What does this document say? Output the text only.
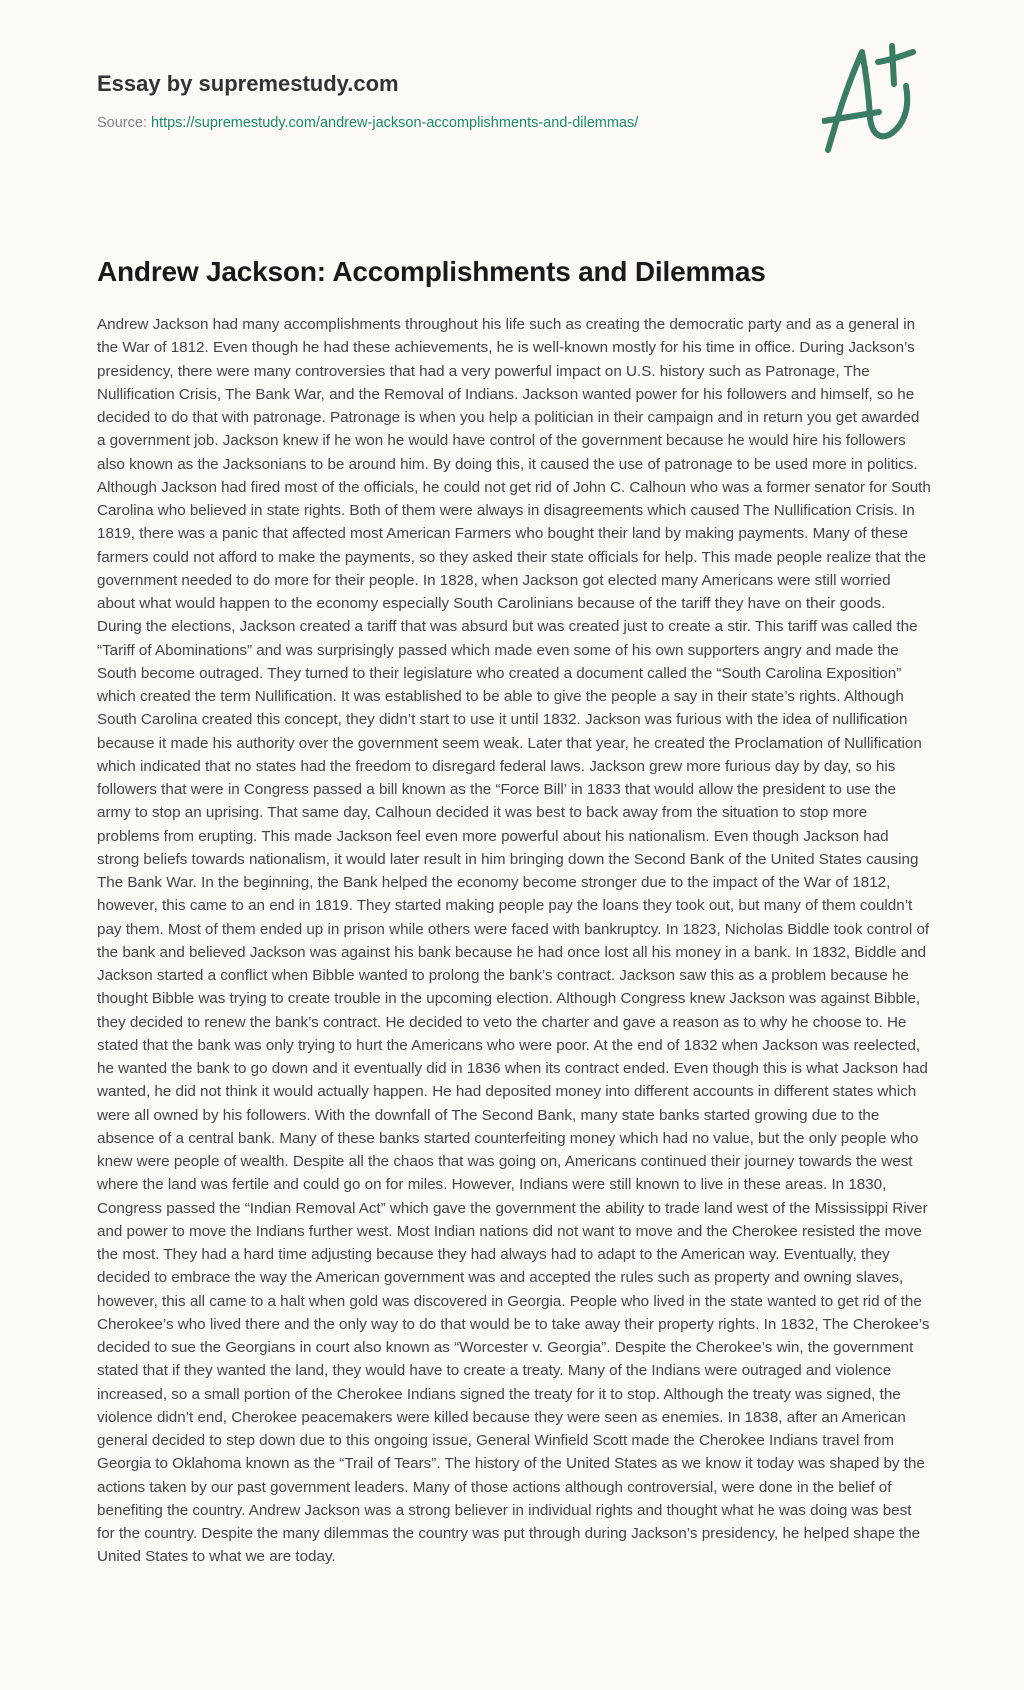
Essay by supremestudy.com
Source: https://supremestudy.com/andrew-jackson-accomplishments-and-dilemmas/
Andrew Jackson: Accomplishments and Dilemmas

Andrew Jackson had many accomplishments throughout his life such as creating the democratic party and as a general in the War of 1812. Even though he had these achievements, he is well-known mostly for his time in office. During Jackson’s presidency, there were many controversies that had a very powerful impact on U.S. history such as Patronage, The Nullification Crisis, The Bank War, and the Removal of Indians. Jackson wanted power for his followers and himself, so he decided to do that with patronage. Patronage is when you help a politician in their campaign and in return you get awarded a government job. Jackson knew if he won he would have control of the government because he would hire his followers also known as the Jacksonians to be around him. By doing this, it caused the use of patronage to be used more in politics. Although Jackson had fired most of the officials, he could not get rid of John C. Calhoun who was a former senator for South Carolina who believed in state rights. Both of them were always in disagreements which caused The Nullification Crisis. In 1819, there was a panic that affected most American Farmers who bought their land by making payments. Many of these farmers could not afford to make the payments, so they asked their state officials for help. This made people realize that the government needed to do more for their people. In 1828, when Jackson got elected many Americans were still worried about what would happen to the economy especially South Carolinians because of the tariff they have on their goods. During the elections, Jackson created a tariff that was absurd but was created just to create a stir. This tariff was called the “Tariff of Abominations” and was surprisingly passed which made even some of his own supporters angry and made the South become outraged. They turned to their legislature who created a document called the “South Carolina Exposition” which created the term Nullification. It was established to be able to give the people a say in their state’s rights. Although South Carolina created this concept, they didn’t start to use it until 1832. Jackson was furious with the idea of nullification because it made his authority over the government seem weak. Later that year, he created the Proclamation of Nullification which indicated that no states had the freedom to disregard federal laws. Jackson grew more furious day by day, so his followers that were in Congress passed a bill known as the “Force Bill’ in 1833 that would allow the president to use the army to stop an uprising. That same day, Calhoun decided it was best to back away from the situation to stop more problems from erupting. This made Jackson feel even more powerful about his nationalism. Even though Jackson had strong beliefs towards nationalism, it would later result in him bringing down the Second Bank of the United States causing The Bank War. In the beginning, the Bank helped the economy become stronger due to the impact of the War of 1812, however, this came to an end in 1819. They started making people pay the loans they took out, but many of them couldn’t pay them. Most of them ended up in prison while others were faced with bankruptcy. In 1823, Nicholas Biddle took control of the bank and believed Jackson was against his bank because he had once lost all his money in a bank. In 1832, Biddle and Jackson started a conflict when Bibble wanted to prolong the bank’s contract. Jackson saw this as a problem because he thought Bibble was trying to create trouble in the upcoming election. Although Congress knew Jackson was against Bibble, they decided to renew the bank’s contract. He decided to veto the charter and gave a reason as to why he choose to. He stated that the bank was only trying to hurt the Americans who were poor. At the end of 1832 when Jackson was reelected, he wanted the bank to go down and it eventually did in 1836 when its contract ended. Even though this is what Jackson had wanted, he did not think it would actually happen. He had deposited money into different accounts in different states which were all owned by his followers. With the downfall of The Second Bank, many state banks started growing due to the absence of a central bank. Many of these banks started counterfeiting money which had no value, but the only people who knew were people of wealth. Despite all the chaos that was going on, Americans continued their journey towards the west where the land was fertile and could go on for miles. However, Indians were still known to live in these areas. In 1830, Congress passed the “Indian Removal Act” which gave the government the ability to trade land west of the Mississippi River and power to move the Indians further west. Most Indian nations did not want to move and the Cherokee resisted the move the most. They had a hard time adjusting because they had always had to adapt to the American way. Eventually, they decided to embrace the way the American government was and accepted the rules such as property and owning slaves, however, this all came to a halt when gold was discovered in Georgia. People who lived in the state wanted to get rid of the Cherokee’s who lived there and the only way to do that would be to take away their property rights. In 1832, The Cherokee’s decided to sue the Georgians in court also known as “Worcester v. Georgia”. Despite the Cherokee’s win, the government stated that if they wanted the land, they would have to create a treaty. Many of the Indians were outraged and violence increased, so a small portion of the Cherokee Indians signed the treaty for it to stop. Although the treaty was signed, the violence didn’t end, Cherokee peacemakers were killed because they were seen as enemies. In 1838, after an American general decided to step down due to this ongoing issue, General Winfield Scott made the Cherokee Indians travel from Georgia to Oklahoma known as the “Trail of Tears”. The history of the United States as we know it today was shaped by the actions taken by our past government leaders. Many of those actions although controversial, were done in the belief of benefiting the country. Andrew Jackson was a strong believer in individual rights and thought what he was doing was best for the country. Despite the many dilemmas the country was put through during Jackson’s presidency, he helped shape the United States to what we are today.
